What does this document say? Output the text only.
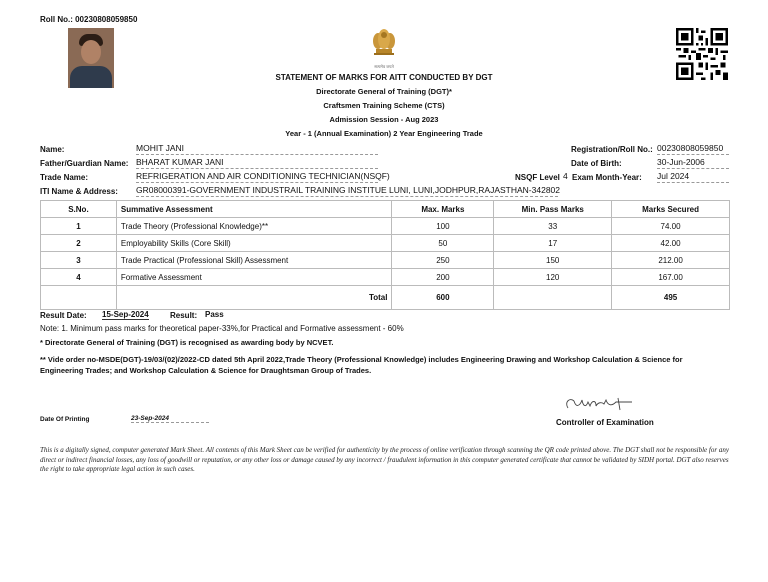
Roll No.: 00230808059850
सत्यमेव जयते
STATEMENT OF MARKS FOR AITT CONDUCTED BY DGT
Directorate General of Training (DGT)*
Craftsmen Training Scheme (CTS)
Admission Session - Aug 2023
Year - 1 (Annual Examination) 2 Year Engineering Trade
Name:	MOHIT JANI
Father/Guardian Name: BHARAT KUMAR JANI
Trade Name:	REFRIGERATION AND AIR CONDITIONING TECHNICIAN(NSQF)
ITI Name & Address: GR08000391-GOVERNMENT INDUSTRAIL TRAINING INSTITUE LUNI, LUNI,JODHPUR,RAJASTHAN-342802
Registration/Roll No.: 00230808059850
Date of Birth:	30-Jun-2006
NSQF Level 4 Exam Month-Year: Jul 2024
S.No.	Summative Assessment	Max. Marks	Min. Pass Marks	Marks Secured
1	Trade Theory (Professional Knowledge)**	100	33	74.00
2	Employability Skills (Core Skill)	50	17	42.00
3	Trade Practical (Professional Skill) Assessment	250	150	212.00
4	Formative Assessment	200	120	167.00
	Total	600		495
Result Date: 15-Sep-2024	Result: Pass
Note: 1. Minimum pass marks for theoretical paper-33%,for Practical and Formative assessment - 60%
* Directorate General of Training (DGT) is recognised as awarding body by NCVET.
** Vide order no-MSDE(DGT)-19/03/(02)/2022-CD dated 5th April 2022,Trade Theory (Professional Knowledge) includes Engineering Drawing and Workshop Calculation & Science for Engineering Trades; and Workshop Calculation & Science for Draughtsman Group of Trades.
Date Of Printing	23-Sep-2024	Controller of Examination
This is a digitally signed, computer generated Mark Sheet. All contents of this Mark Sheet can be verified for authenticity by the process of online verification through scanning the QR code printed above. The DGT shall not be responsible for any direct or indirect financial losses, any loss of goodwill or reputation, or any other loss or damage caused by any incorrect / fraudulent information in this computer generated certificate that cannot be validated by SIDH portal. DGT also reserves the right to take appropriate legal action in such cases.
